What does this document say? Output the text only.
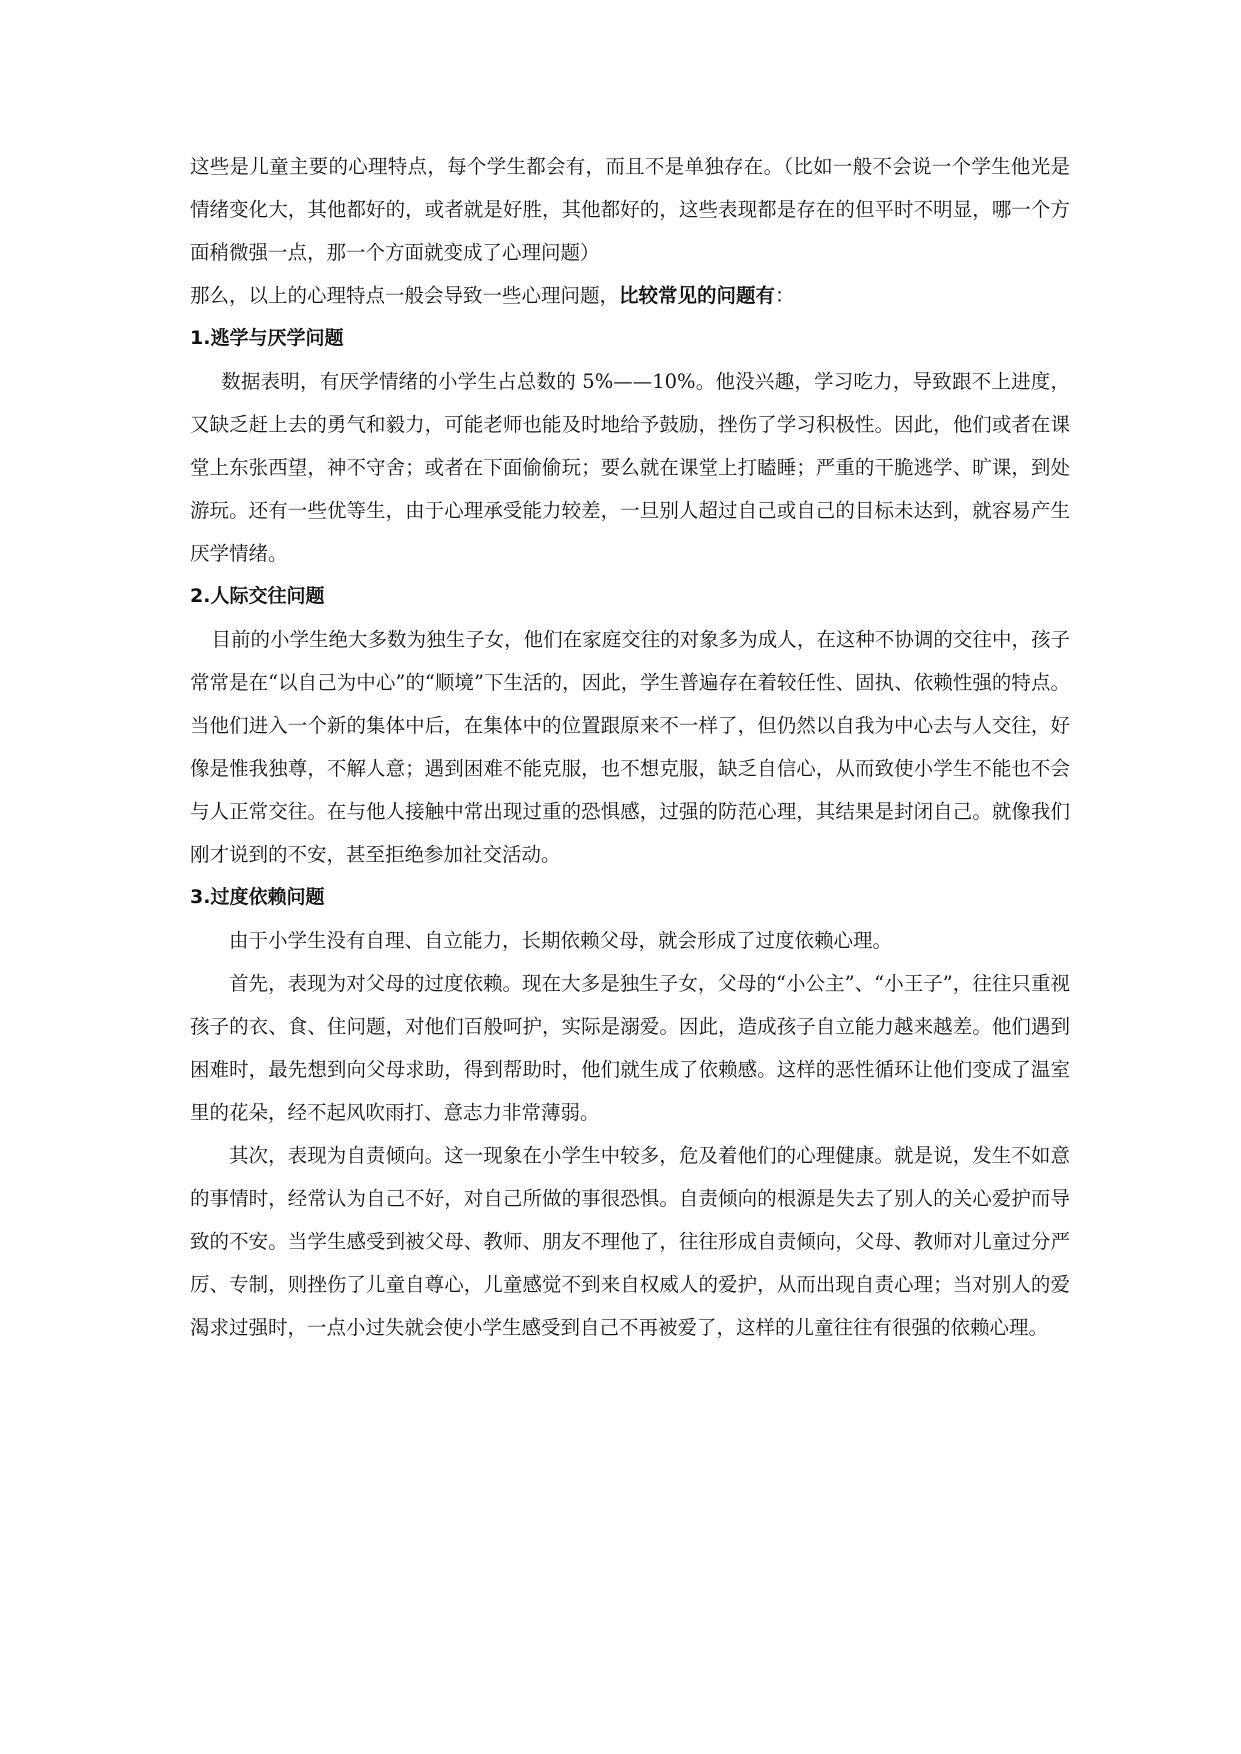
这些是儿童主要的心理特点，每个学生都会有，而且不是单独存在。（比如一般不会说一个学生他光是情绪变化大，其他都好的，或者就是好胜，其他都好的，这些表现都是存在的但平时不明显，哪一个方面稍微强一点，那一个方面就变成了心理问题）

那么，以上的心理特点一般会导致一些心理问题，比较常见的问题有：

1.逃学与厌学问题

数据表明，有厌学情绪的小学生占总数的 5%——10%。他没兴趣，学习吃力，导致跟不上进度，又缺乏赶上去的勇气和毅力，可能老师也能及时地给予鼓励，挫伤了学习积极性。因此，他们或者在课堂上东张西望，神不守舍；或者在下面偷偷玩；要么就在课堂上打瞌睡；严重的干脆逃学、旷课，到处游玩。还有一些优等生，由于心理承受能力较差，一旦别人超过自己或自己的目标未达到，就容易产生厌学情绪。

2.人际交往问题

目前的小学生绝大多数为独生子女，他们在家庭交往的对象多为成人，在这种不协调的交往中，孩子常常是在“以自己为中心”的“顺境”下生活的，因此，学生普遍存在着较任性、固执、依赖性强的特点。当他们进入一个新的集体中后，在集体中的位置跟原来不一样了，但仍然以自我为中心去与人交往，好像是惟我独尊，不解人意；遇到困难不能克服，也不想克服，缺乏自信心，从而致使小学生不能也不会与人正常交往。在与他人接触中常出现过重的恐惧感，过强的防范心理，其结果是封闭自己。就像我们刚才说到的不安，甚至拒绝参加社交活动。

3.过度依赖问题

由于小学生没有自理、自立能力，长期依赖父母，就会形成了过度依赖心理。

首先，表现为对父母的过度依赖。现在大多是独生子女，父母的“小公主”、“小王子”，往往只重视孩子的衣、食、住问题，对他们百般呵护，实际是溺爱。因此，造成孩子自立能力越来越差。他们遇到困难时，最先想到向父母求助，得到帮助时，他们就生成了依赖感。这样的恶性循环让他们变成了温室里的花朵，经不起风吹雨打、意志力非常薄弱。

其次，表现为自责倾向。这一现象在小学生中较多，危及着他们的心理健康。就是说，发生不如意的事情时，经常认为自己不好，对自己所做的事很恐惧。自责倾向的根源是失去了别人的关心爱护而导致的不安。当学生感受到被父母、教师、朋友不理他了，往往形成自责倾向，父母、教师对儿童过分严厉、专制，则挫伤了儿童自尊心，儿童感觉不到来自权威人的爱护，从而出现自责心理；当对别人的爱渴求过强时，一点小过失就会使小学生感受到自己不再被爱了，这样的儿童往往有很强的依赖心理。
